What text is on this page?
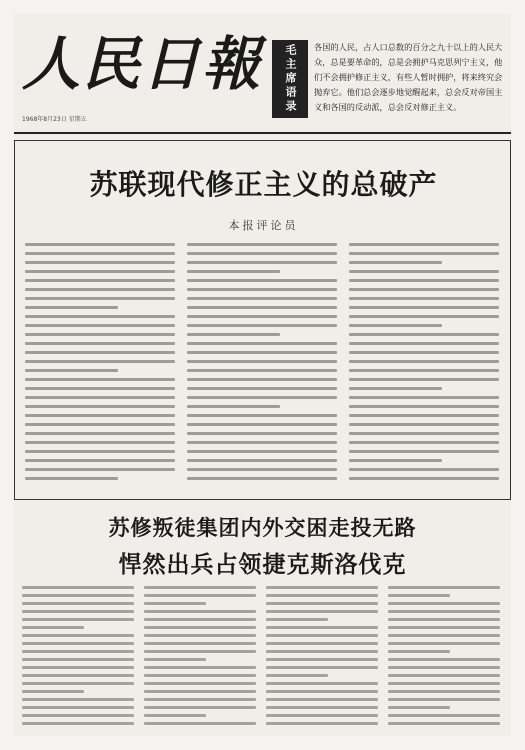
人民日報
1968年8月23日 星期五
毛主席语录	各国的人民，占人口总数的百分之九十以上的人民大众，总是要革命的，总是会拥护马克思列宁主义，他们不会拥护修正主义，有些人暂时拥护，将来终究会抛弃它。他们总会逐步地觉醒起来，总会反对帝国主义和各国的反动派，总会反对修正主义。
苏联现代修正主义的总破产
本报评论员
苏修叛徒集团内外交困走投无路
悍然出兵占领捷克斯洛伐克
